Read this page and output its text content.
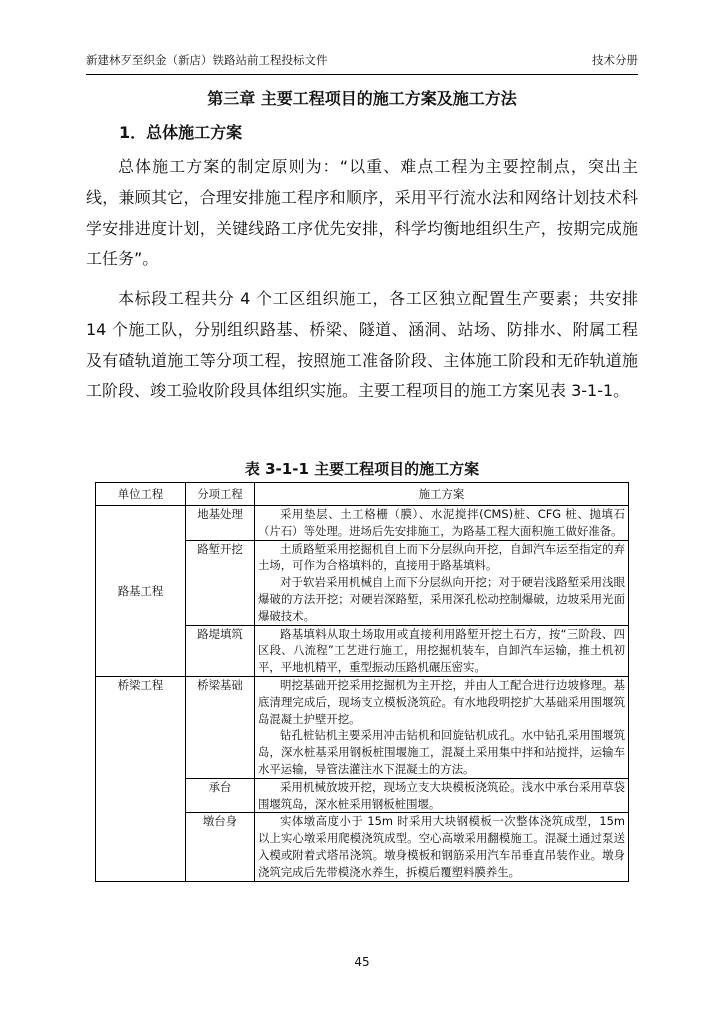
新建林歹至织金（新店）铁路站前工程投标文件	技术分册
第三章 主要工程项目的施工方案及施工方法
1．总体施工方案

总体施工方案的制定原则为：“以重、难点工程为主要控制点，突出主线，兼顾其它，合理安排施工程序和顺序，采用平行流水法和网络计划技术科学安排进度计划，关键线路工序优先安排，科学均衡地组织生产，按期完成施工任务”。

本标段工程共分 4 个工区组织施工，各工区独立配置生产要素；共安排 14 个施工队，分别组织路基、桥梁、隧道、涵洞、站场、防排水、附属工程及有碴轨道施工等分项工程，按照施工准备阶段、主体施工阶段和无砟轨道施工阶段、竣工验收阶段具体组织实施。主要工程项目的施工方案见表 3-1-1。

表 3-1-1 主要工程项目的施工方案
单位工程	分项工程	施工方案
路基工程	地基处理	采用垫层、土工格栅（膜）、水泥搅拌(CMS)桩、CFG 桩、抛填石（片石）等处理。进场后先安排施工，为路基工程大面积施工做好准备。

	路堑开挖	土质路堑采用挖掘机自上而下分层纵向开挖，自卸汽车运至指定的弃土场，可作为合格填料的，直接用于路基填料。

对于软岩采用机械自上而下分层纵向开挖；对于硬岩浅路堑采用浅眼爆破的方法开挖；对硬岩深路堑，采用深孔松动控制爆破，边坡采用光面爆破技术。

	路堤填筑	路基填料从取土场取用或直接利用路堑开挖土石方，按“三阶段、四区段、八流程”工艺进行施工，用挖掘机装车，自卸汽车运输，推土机初平，平地机精平，重型振动压路机碾压密实。

桥梁工程	桥梁基础	明挖基础开挖采用挖掘机为主开挖，并由人工配合进行边坡修理。基底清理完成后，现场支立模板浇筑砼。有水地段明挖扩大基础采用围堰筑岛混凝土护壁开挖。

钻孔桩钻机主要采用冲击钻机和回旋钻机成孔。水中钻孔采用围堰筑岛，深水桩基采用钢板桩围堰施工，混凝土采用集中拌和站搅拌，运输车水平运输，导管法灌注水下混凝土的方法。

	承台	采用机械放坡开挖，现场立支大块模板浇筑砼。浅水中承台采用草袋围堰筑岛，深水桩采用钢板桩围堰。

	墩台身	实体墩高度小于 15m 时采用大块钢模板一次整体浇筑成型，15m 以上实心墩采用爬模浇筑成型。空心高墩采用翻模施工。混凝土通过泵送入模或附着式塔吊浇筑。墩身模板和钢筋采用汽车吊垂直吊装作业。墩身浇筑完成后先带模浇水养生，拆模后覆塑料膜养生。

45
